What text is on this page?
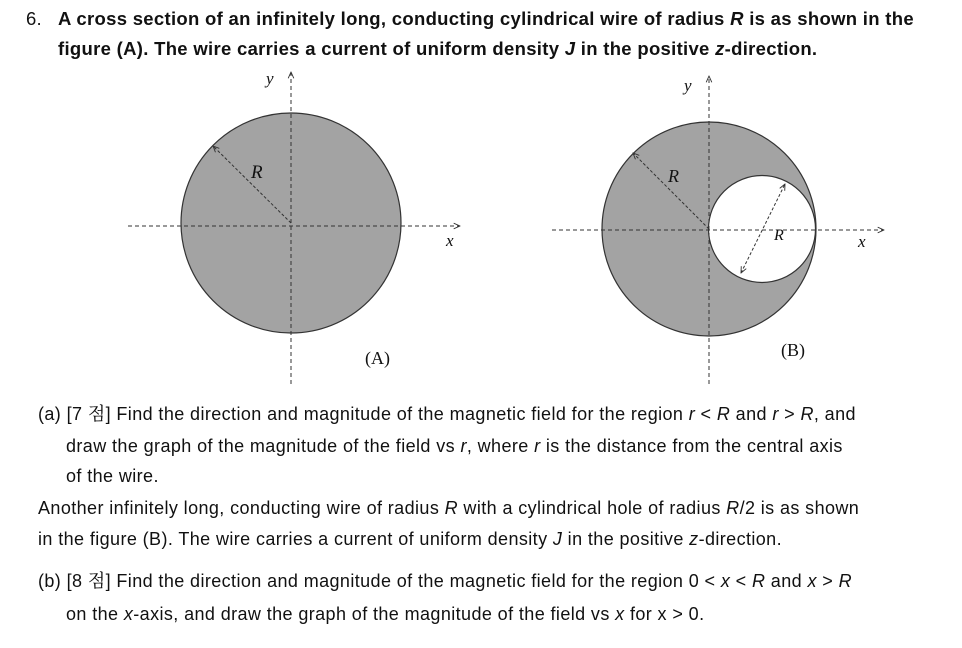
6. A cross section of an infinitely long, conducting cylindrical wire of radius R is as shown in the
figure (A). The wire carries a current of uniform density J in the positive z-direction.
R
x
y
(A)
R
R	x
y
(B)
(a) [7 점] Find the direction and magnitude of the magnetic field for the region r < R and r > R, and
draw the graph of the magnitude of the field vs r, where r is the distance from the central axis
of the wire.
Another infinitely long, conducting wire of radius R with a cylindrical hole of radius R/2 is as shown
in the figure (B). The wire carries a current of uniform density J in the positive z-direction.
(b) [8 점] Find the direction and magnitude of the magnetic field for the region 0 < x < R and x > R
on the x-axis, and draw the graph of the magnitude of the field vs x for x > 0.
